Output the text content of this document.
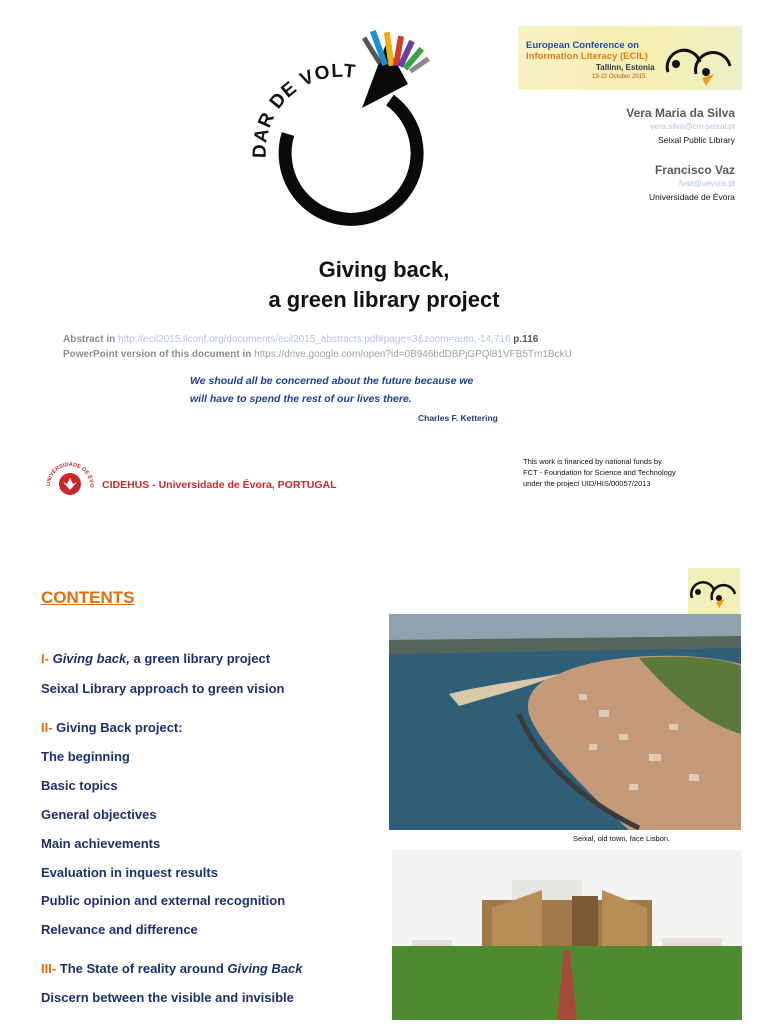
DAR DE VOLT
European Conference on
Information Literacy (ECIL)
Tallinn, Estonia
19-22 October 2015
Vera Maria da Silva
vera.silva@cm-seixal.pt
Seixal Public Library
Francisco Vaz
fvaz@uevora.pt
Universidade de Évora
Giving back,
a green library project
Abstract in http://ecil2015.ilconf.org/documents/ecil2015_abstracts.pdf#page=3&zoom=auto,-14,716 p.116
PowerPoint version of this document in https://drive.google.com/open?id=0B946bdDBPjGPQl81VFB5Tm1BckU
We should all be concerned about the future because we
will have to spend the rest of our lives there.
Charles F. Kettering
UNIVERSIDADE DE ÉVO CIDEHUS - Universidade de Évora, PORTUGAL
This work is financed by national funds by
FCT - Foundation for Science and Technology
under the project UID/HIS/00057/2013
CONTENTS
I- Giving back, a green library project
Seixal Library approach to green vision
II- Giving Back project:
The beginning
Basic topics
General objectives
Main achievements
Evaluation in inquest results
Public opinion and external recognition
Relevance and difference
III- The State of reality around Giving Back
Discern between the visible and invisible
Seixal, old town, face Lisbon.
